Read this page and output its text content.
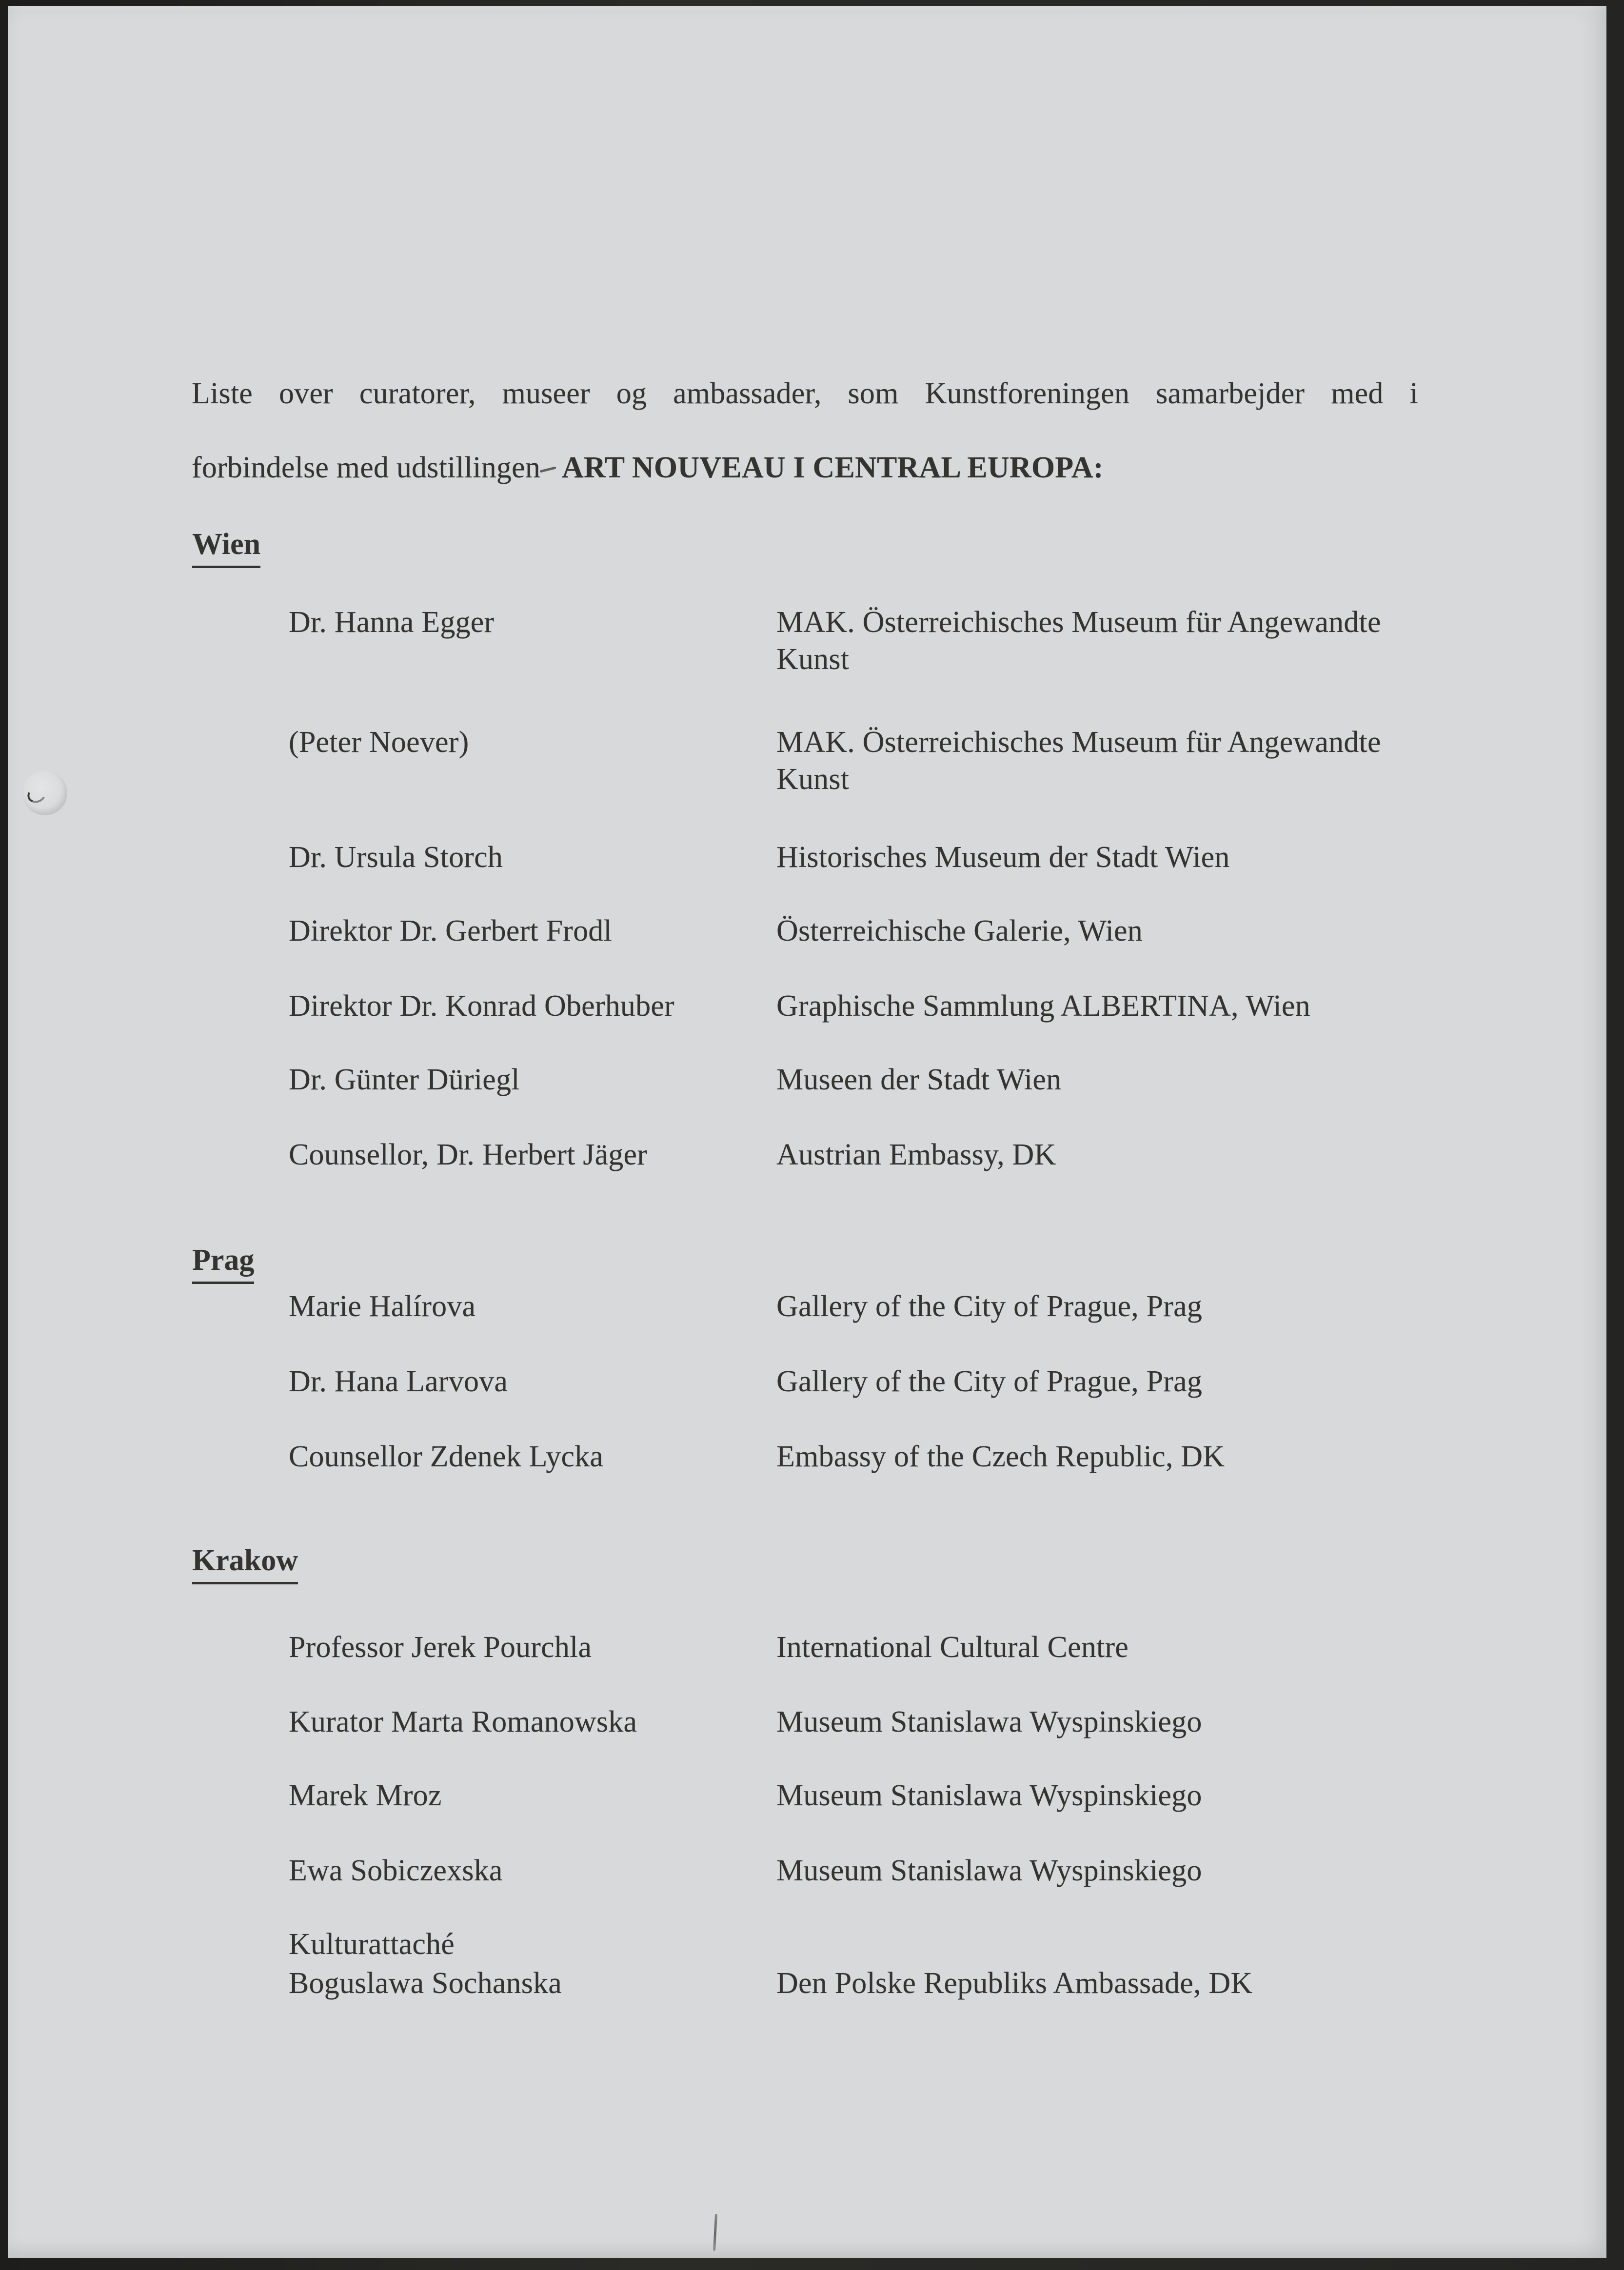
Liste over curatorer, museer og ambassader, som Kunstforeningen samarbejder med i

forbindelse med udstillingen ART NOUVEAU I CENTRAL EUROPA:

Wien
Dr. Hanna Egger	MAK. Österreichisches Museum für Angewandte Kunst
(Peter Noever)	MAK. Österreichisches Museum für Angewandte Kunst
Dr. Ursula Storch	Historisches Museum der Stadt Wien
Direktor Dr. Gerbert Frodl	Österreichische Galerie, Wien
Direktor Dr. Konrad Oberhuber	Graphische Sammlung ALBERTINA, Wien
Dr. Günter Düriegl	Museen der Stadt Wien
Counsellor, Dr. Herbert Jäger	Austrian Embassy, DK
Prag
Marie Halírova	Gallery of the City of Prague, Prag
Dr. Hana Larvova	Gallery of the City of Prague, Prag
Counsellor Zdenek Lycka	Embassy of the Czech Republic, DK
Krakow
Professor Jerek Pourchla	International Cultural Centre
Kurator Marta Romanowska	Museum Stanislawa Wyspinskiego
Marek Mroz	Museum Stanislawa Wyspinskiego
Ewa Sobiczexska	Museum Stanislawa Wyspinskiego
Kulturattaché
Boguslawa Sochanska	Den Polske Republiks Ambassade, DK
